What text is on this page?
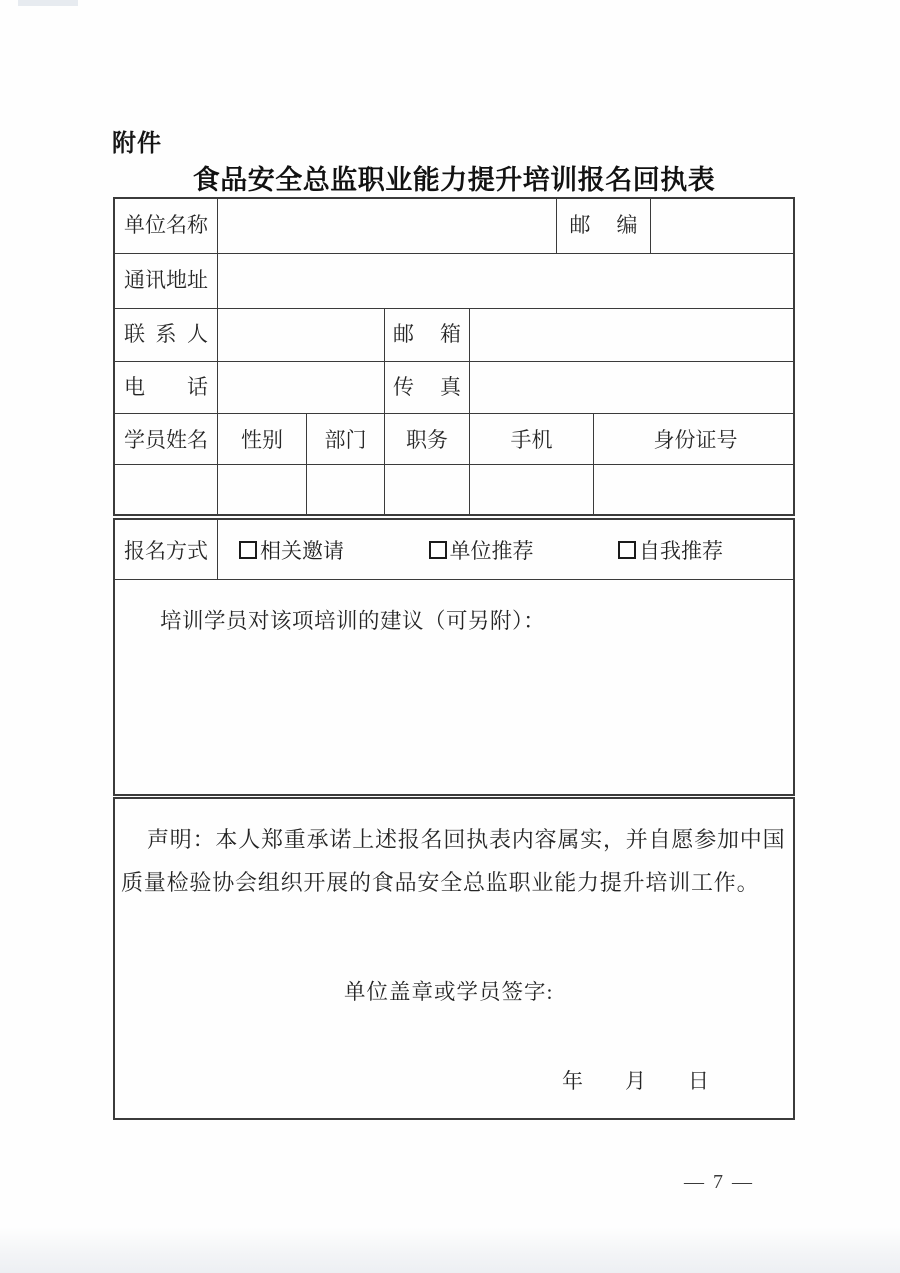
附件
食品安全总监职业能力提升培训报名回执表
单位名称	邮编
通讯地址
联系人	邮箱
电话	传真
学员姓名	性别	部门	职务	手机	身份证号
报名方式	相关邀请	单位推荐	自我推荐
培训学员对该项培训的建议（可另附）：
声明：本人郑重承诺上述报名回执表内容属实，并自愿参加中国
质量检验协会组织开展的食品安全总监职业能力提升培训工作。
单位盖章或学员签字:
年　　月　　日
— 7 —
